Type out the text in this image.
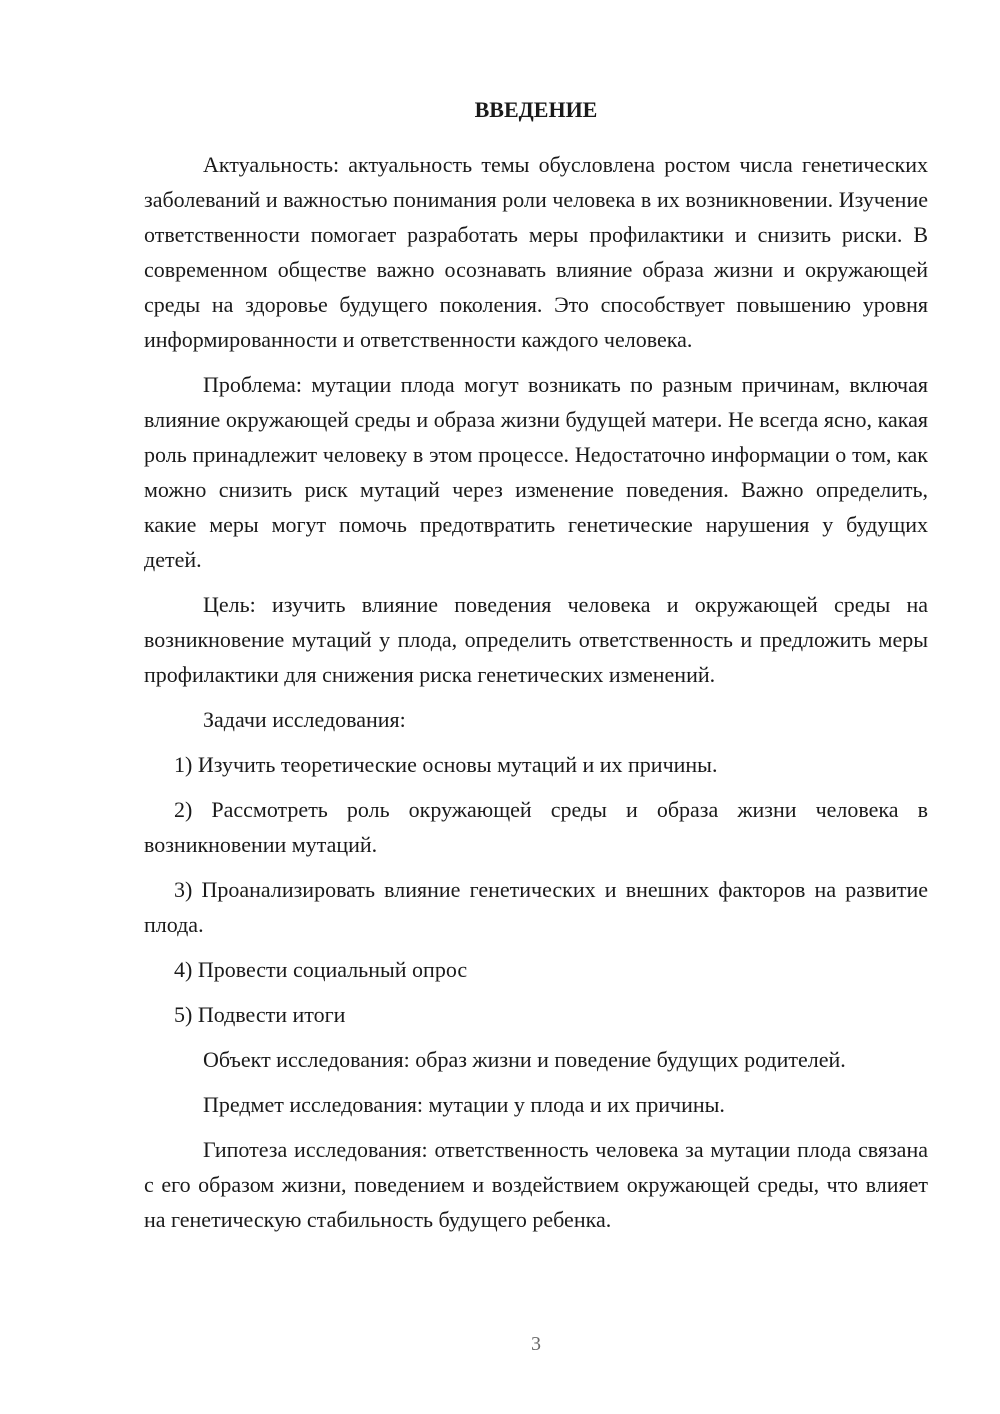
ВВЕДЕНИЕ

Актуальность: актуальность темы обусловлена ростом числа генетических заболеваний и важностью понимания роли человека в их возникновении. Изучение ответственности помогает разработать меры профилактики и снизить риски. В современном обществе важно осознавать влияние образа жизни и окружающей среды на здоровье будущего поколения. Это способствует повышению уровня информированности и ответственности каждого человека.

Проблема: мутации плода могут возникать по разным причинам, включая влияние окружающей среды и образа жизни будущей матери. Не всегда ясно, какая роль принадлежит человеку в этом процессе. Недостаточно информации о том, как можно снизить риск мутаций через изменение поведения. Важно определить, какие меры могут помочь предотвратить генетические нарушения у будущих детей.

Цель: изучить влияние поведения человека и окружающей среды на возникновение мутаций у плода, определить ответственность и предложить меры профилактики для снижения риска генетических изменений.

Задачи исследования:

1) Изучить теоретические основы мутаций и их причины.

2) Рассмотреть роль окружающей среды и образа жизни человека в возникновении мутаций.

3) Проанализировать влияние генетических и внешних факторов на развитие плода.

4) Провести социальный опрос

5) Подвести итоги

Объект исследования: образ жизни и поведение будущих родителей.

Предмет исследования: мутации у плода и их причины.

Гипотеза исследования: ответственность человека за мутации плода связана с его образом жизни, поведением и воздействием окружающей среды, что влияет на генетическую стабильность будущего ребенка.

3
